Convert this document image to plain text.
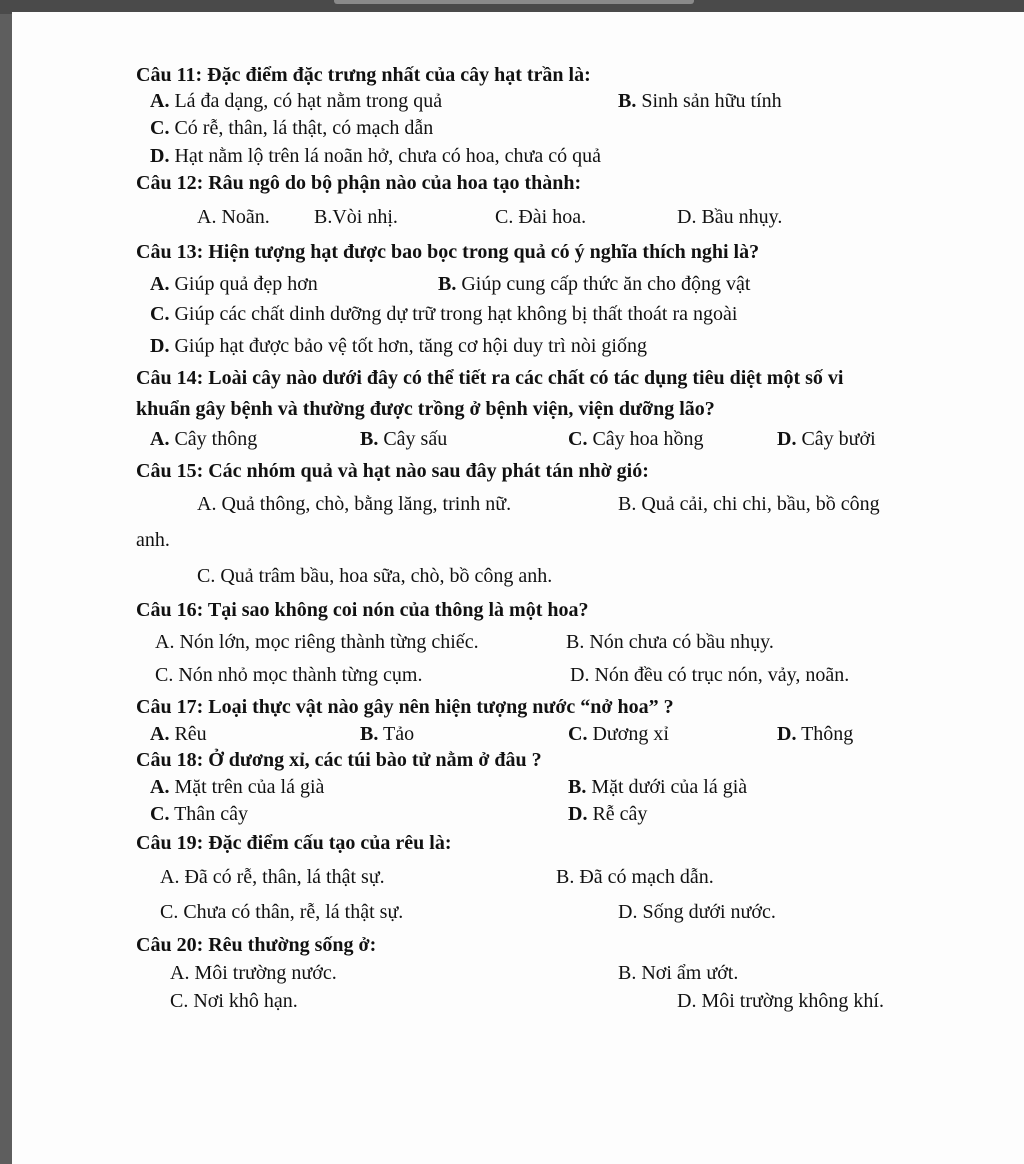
Câu 11: Đặc điểm đặc trưng nhất của cây hạt trần là:
A. Lá đa dạng, có hạt nằm trong quả	B. Sinh sản hữu tính
C. Có rễ, thân, lá thật, có mạch dẫn
D. Hạt nằm lộ trên lá noãn hở, chưa có hoa, chưa có quả
Câu 12: Râu ngô do bộ phận nào của hoa tạo thành:
A. Noãn. B.Vòi nhị.	C. Đài hoa.	D. Bầu nhụy.
Câu 13: Hiện tượng hạt được bao bọc trong quả có ý nghĩa thích nghi là?
A. Giúp quả đẹp hơn	B. Giúp cung cấp thức ăn cho động vật
C. Giúp các chất dinh dưỡng dự trữ trong hạt không bị thất thoát ra ngoài
D. Giúp hạt được bảo vệ tốt hơn, tăng cơ hội duy trì nòi giống
Câu 14: Loài cây nào dưới đây có thể tiết ra các chất có tác dụng tiêu diệt một số vi
khuẩn gây bệnh và thường được trồng ở bệnh viện, viện dưỡng lão?
A. Cây thông	B. Cây sấu	C. Cây hoa hồng	D. Cây bưởi
Câu 15: Các nhóm quả và hạt nào sau đây phát tán nhờ gió:
A. Quả thông, chò, bằng lăng, trinh nữ.	B. Quả cải, chi chi, bầu, bồ công
anh.
C. Quả trâm bầu, hoa sữa, chò, bồ công anh.
Câu 16: Tại sao không coi nón của thông là một hoa?
A. Nón lớn, mọc riêng thành từng chiếc.	B. Nón chưa có bầu nhụy.
C. Nón nhỏ mọc thành từng cụm.	D. Nón đều có trục nón, vảy, noãn.
Câu 17: Loại thực vật nào gây nên hiện tượng nước “nở hoa” ?
A. Rêu	B. Tảo	C. Dương xỉ	D. Thông
Câu 18: Ở dương xỉ, các túi bào tử nằm ở đâu ?
A. Mặt trên của lá già	B. Mặt dưới của lá già
C. Thân cây	D. Rễ cây
Câu 19: Đặc điểm cấu tạo của rêu là:
A. Đã có rễ, thân, lá thật sự.	B. Đã có mạch dẫn.
C. Chưa có thân, rễ, lá thật sự.	D. Sống dưới nước.
Câu 20: Rêu thường sống ở:
A. Môi trường nước.	B. Nơi ẩm ướt.
C. Nơi khô hạn.	D. Môi trường không khí.
